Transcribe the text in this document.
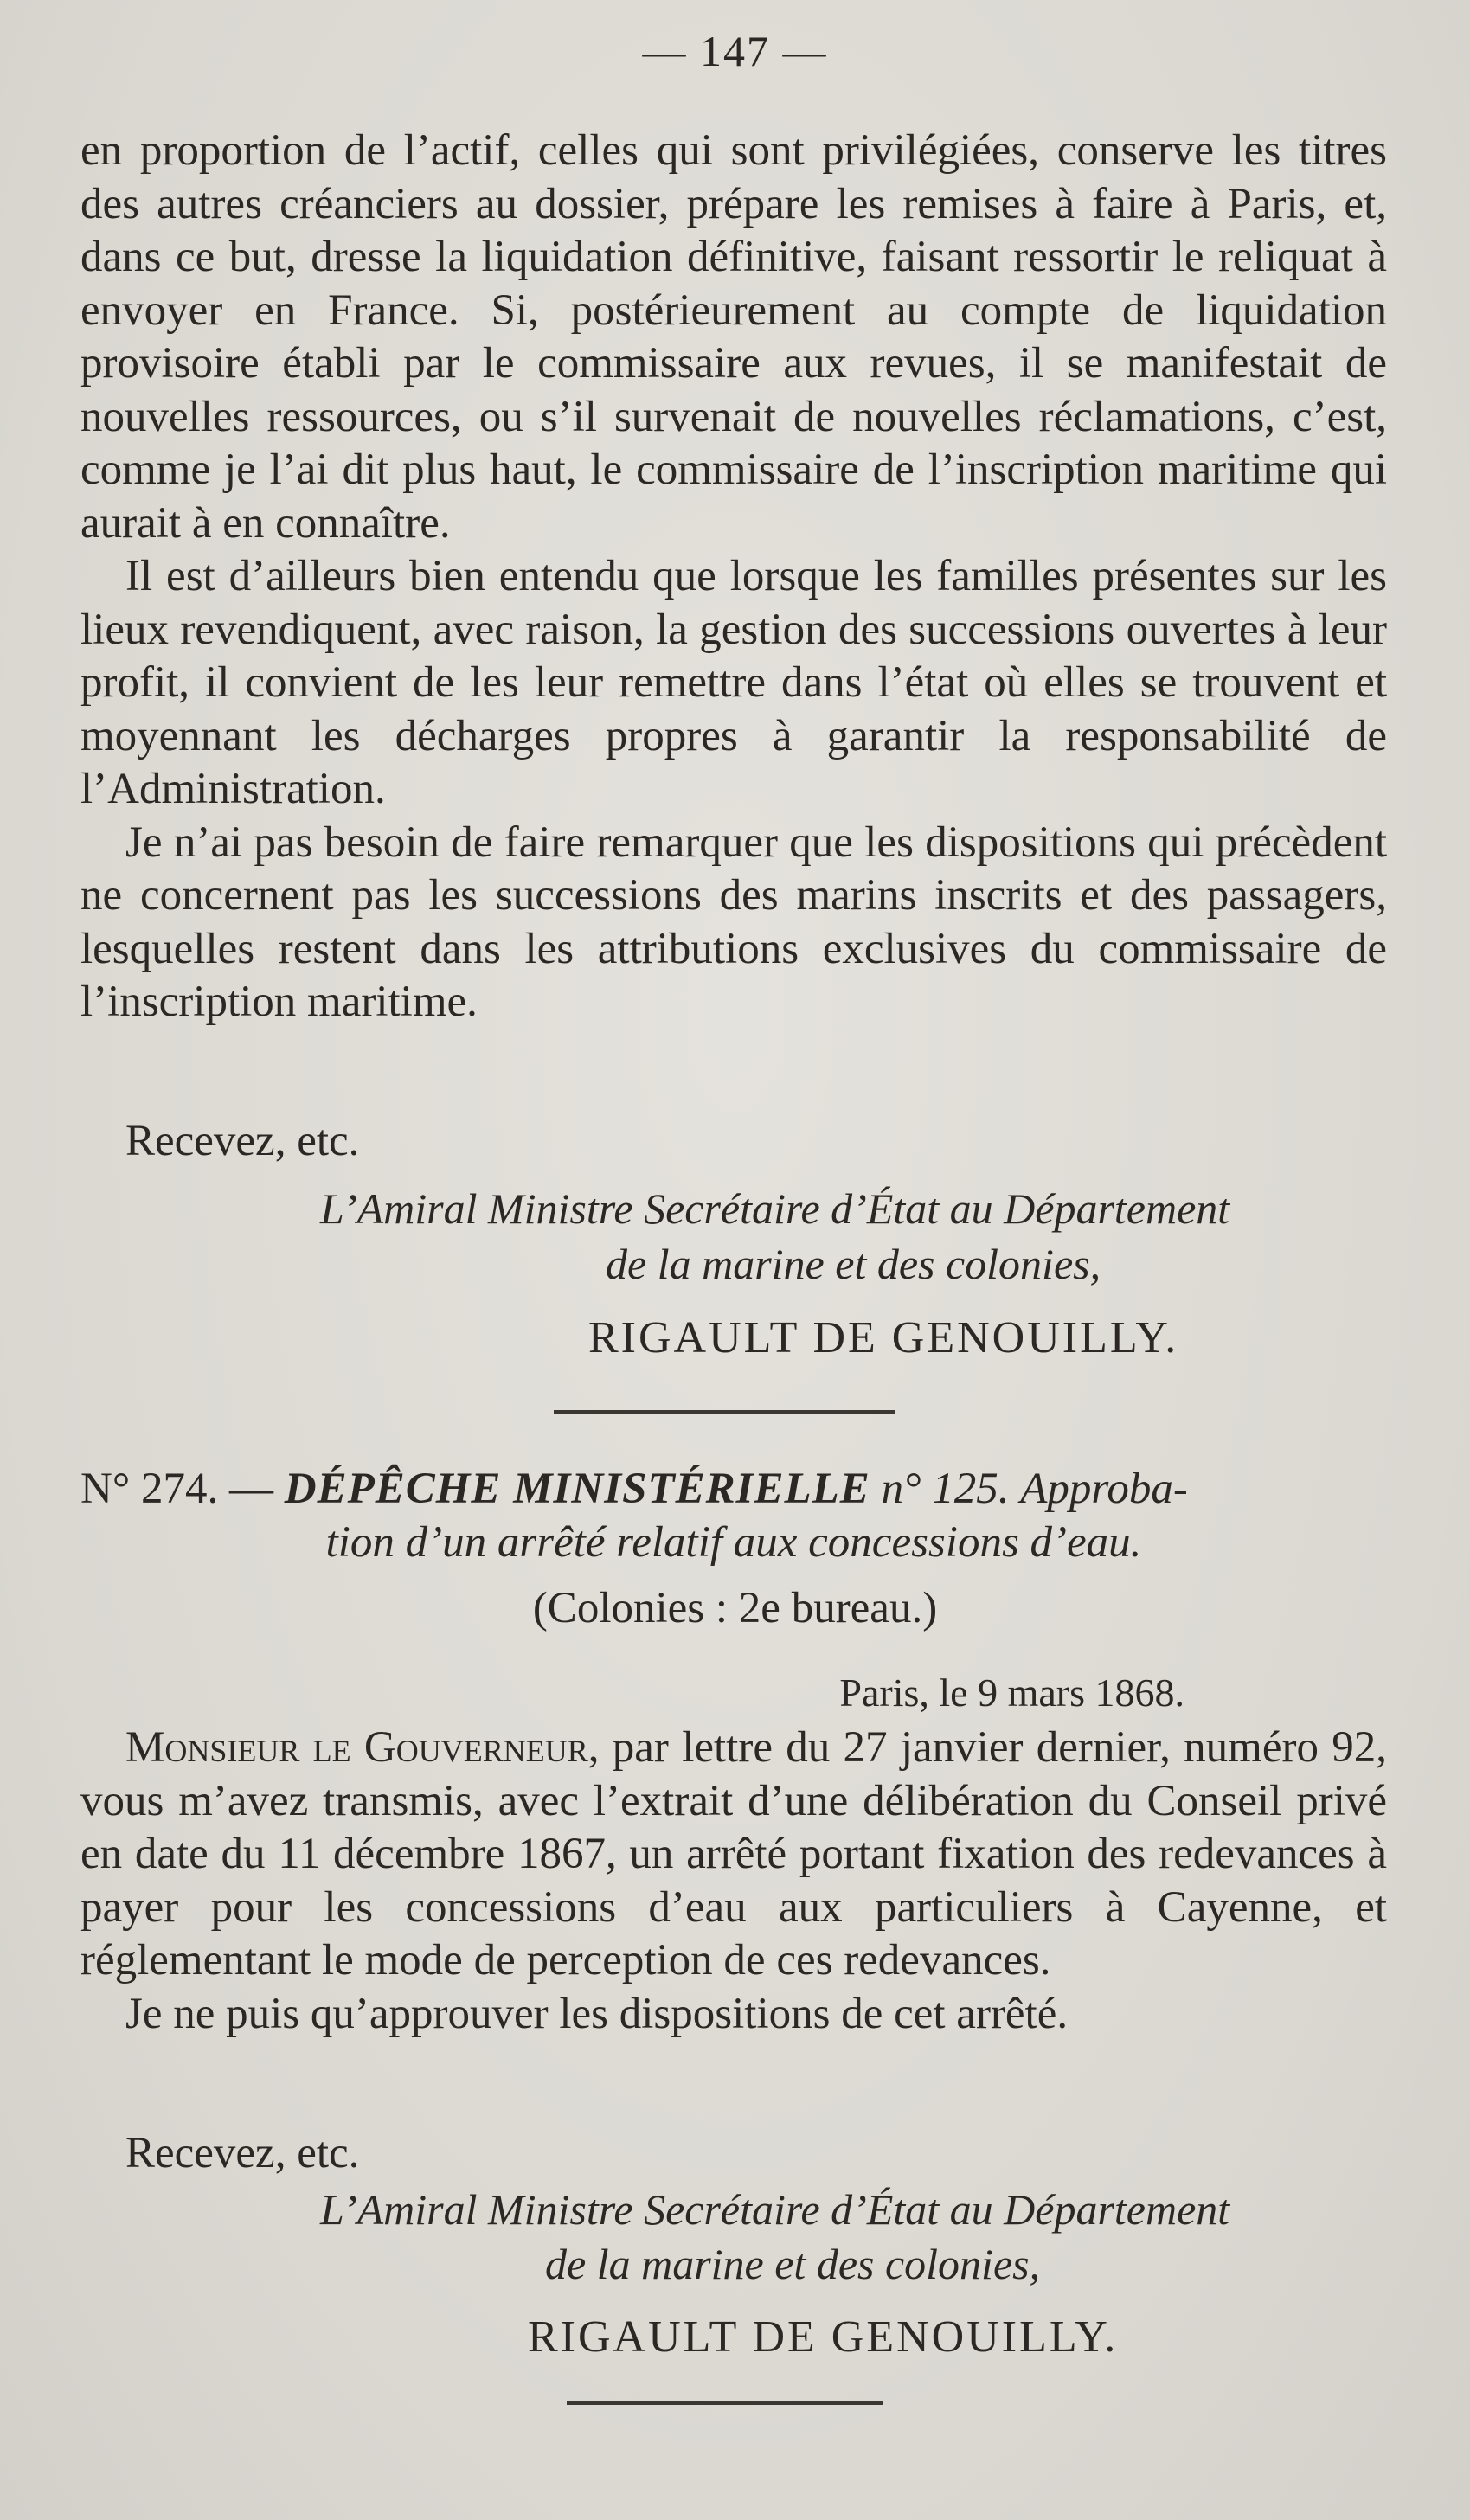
— 147 —

en proportion de l’actif, celles qui sont privilégiées, conserve les titres des autres créanciers au dossier, prépare les remises à faire à Paris, et, dans ce but, dresse la liquidation définitive, faisant ressortir le reliquat à envoyer en France. Si, postérieurement au compte de liquidation provisoire établi par le commissaire aux revues, il se manifestait de nouvelles ressources, ou s’il survenait de nouvelles réclamations, c’est, comme je l’ai dit plus haut, le commissaire de l’inscription maritime qui aurait à en connaître.

Il est d’ailleurs bien entendu que lorsque les familles présentes sur les lieux revendiquent, avec raison, la gestion des successions ouvertes à leur profit, il convient de les leur remettre dans l’état où elles se trouvent et moyennant les décharges propres à garantir la responsabilité de l’Administration.

Je n’ai pas besoin de faire remarquer que les dispositions qui précèdent ne concernent pas les successions des marins inscrits et des passagers, lesquelles restent dans les attributions exclusives du commissaire de l’inscription maritime.

Recevez, etc.
L’Amiral Ministre Secrétaire d’État au Département
de la marine et des colonies,
RIGAULT DE GENOUILLY.
N° 274. — DÉPÊCHE MINISTÉRIELLE n° 125. Approba-
tion d’un arrêté relatif aux concessions d’eau.
(Colonies : 2e bureau.)
Paris, le 9 mars 1868.

Monsieur le Gouverneur, par lettre du 27 janvier dernier, numéro 92, vous m’avez transmis, avec l’extrait d’une délibération du Conseil privé en date du 11 décembre 1867, un arrêté portant fixation des redevances à payer pour les concessions d’eau aux particuliers à Cayenne, et réglementant le mode de perception de ces redevances.

Je ne puis qu’approuver les dispositions de cet arrêté.

Recevez, etc.
L’Amiral Ministre Secrétaire d’État au Département
de la marine et des colonies,
RIGAULT DE GENOUILLY.
